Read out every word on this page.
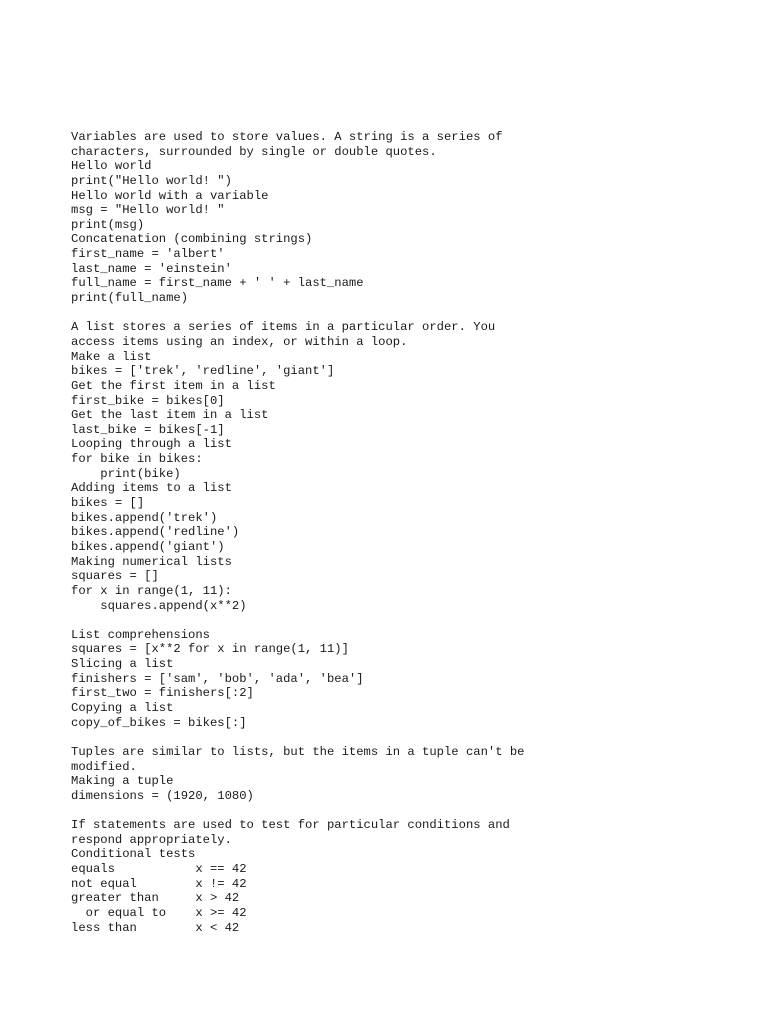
Variables are used to store values. A string is a series of
characters, surrounded by single or double quotes.
Hello world
print("Hello world! ")
Hello world with a variable
msg = "Hello world! "
print(msg)
Concatenation (combining strings)
first_name = 'albert'
last_name = 'einstein'
full_name = first_name + ' ' + last_name
print(full_name)
A list stores a series of items in a particular order. You
access items using an index, or within a loop.
Make a list
bikes = ['trek', 'redline', 'giant']
Get the first item in a list
first_bike = bikes[0]
Get the last item in a list
last_bike = bikes[-1]
Looping through a list
for bike in bikes:
print(bike)
Adding items to a list
bikes = []
bikes.append('trek')
bikes.append('redline')
bikes.append('giant')
Making numerical lists
squares = []
for x in range(1, 11):
squares.append(x**2)
List comprehensions
squares = [x**2 for x in range(1, 11)]
Slicing a list
finishers = ['sam', 'bob', 'ada', 'bea']
first_two = finishers[:2]
Copying a list
copy_of_bikes = bikes[:]
Tuples are similar to lists, but the items in a tuple can't be
modified.
Making a tuple
dimensions = (1920, 1080)
If statements are used to test for particular conditions and
respond appropriately.
Conditional tests
equals           x == 42
not equal        x != 42
greater than     x > 42
or equal to    x >= 42
less than        x < 42
